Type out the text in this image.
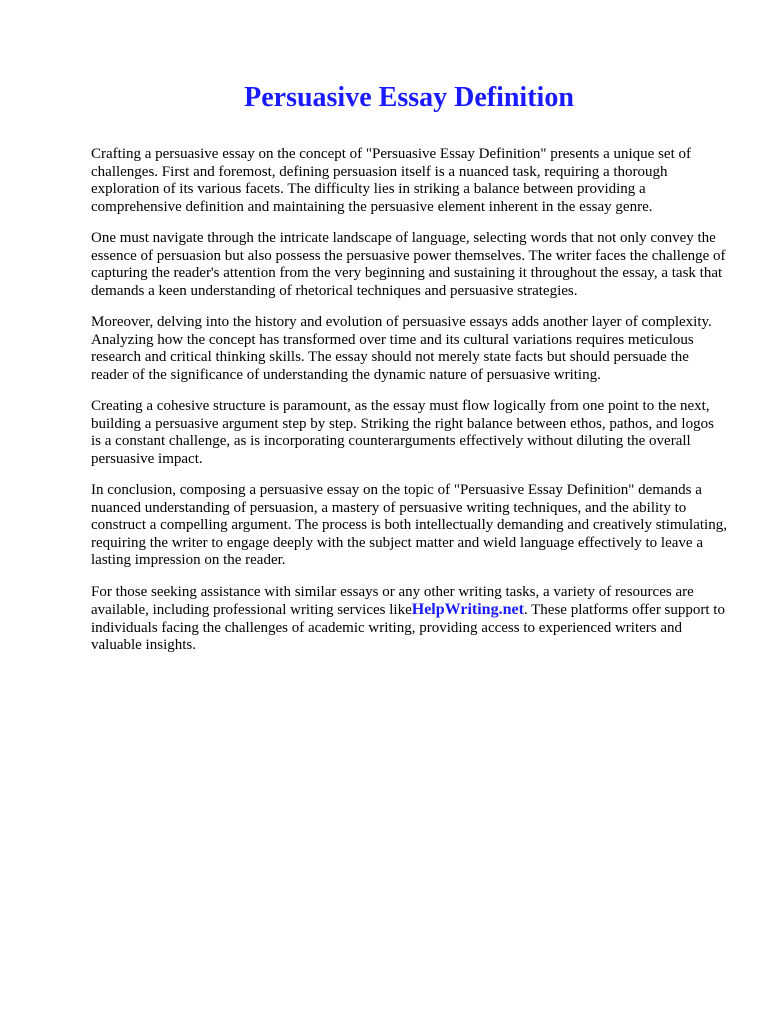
Persuasive Essay Definition

Crafting a persuasive essay on the concept of "Persuasive Essay Definition" presents a unique set of challenges. First and foremost, defining persuasion itself is a nuanced task, requiring a thorough exploration of its various facets. The difficulty lies in striking a balance between providing a comprehensive definition and maintaining the persuasive element inherent in the essay genre.

One must navigate through the intricate landscape of language, selecting words that not only convey the essence of persuasion but also possess the persuasive power themselves. The writer faces the challenge of capturing the reader's attention from the very beginning and sustaining it throughout the essay, a task that demands a keen understanding of rhetorical techniques and persuasive strategies.

Moreover, delving into the history and evolution of persuasive essays adds another layer of complexity. Analyzing how the concept has transformed over time and its cultural variations requires meticulous research and critical thinking skills. The essay should not merely state facts but should persuade the reader of the significance of understanding the dynamic nature of persuasive writing.

Creating a cohesive structure is paramount, as the essay must flow logically from one point to the next, building a persuasive argument step by step. Striking the right balance between ethos, pathos, and logos is a constant challenge, as is incorporating counterarguments effectively without diluting the overall persuasive impact.

In conclusion, composing a persuasive essay on the topic of "Persuasive Essay Definition" demands a nuanced understanding of persuasion, a mastery of persuasive writing techniques, and the ability to construct a compelling argument. The process is both intellectually demanding and creatively stimulating, requiring the writer to engage deeply with the subject matter and wield language effectively to leave a lasting impression on the reader.

For those seeking assistance with similar essays or any other writing tasks, a variety of resources are available, including professional writing services likeHelpWriting.net. These platforms offer support to individuals facing the challenges of academic writing, providing access to experienced writers and valuable insights.
